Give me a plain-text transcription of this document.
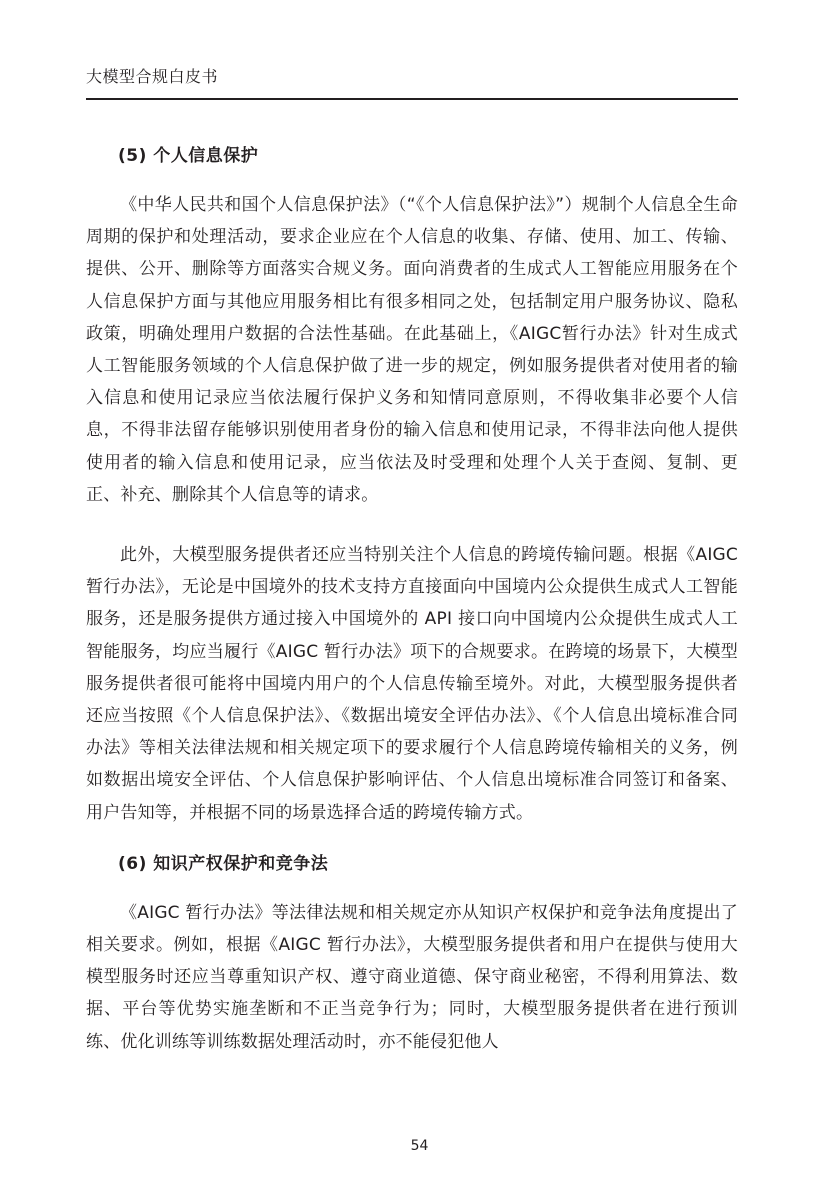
大模型合规白皮书
(5) 个人信息保护

《中华人民共和国个人信息保护法》（“《个人信息保护法》”）规制个人信息全生命周期的保护和处理活动，要求企业应在个人信息的收集、存储、使用、加工、传输、提供、公开、删除等方面落实合规义务。面向消费者的生成式人工智能应用服务在个人信息保护方面与其他应用服务相比有很多相同之处，包括制定用户服务协议、隐私政策，明确处理用户数据的合法性基础。在此基础上，《AIGC暂行办法》针对生成式人工智能服务领域的个人信息保护做了进一步的规定，例如服务提供者对使用者的输入信息和使用记录应当依法履行保护义务和知情同意原则，不得收集非必要个人信息，不得非法留存能够识别使用者身份的输入信息和使用记录，不得非法向他人提供使用者的输入信息和使用记录，应当依法及时受理和处理个人关于查阅、复制、更正、补充、删除其个人信息等的请求。

此外，大模型服务提供者还应当特别关注个人信息的跨境传输问题。根据《AIGC 暂行办法》，无论是中国境外的技术支持方直接面向中国境内公众提供生成式人工智能服务，还是服务提供方通过接入中国境外的 API 接口向中国境内公众提供生成式人工智能服务，均应当履行《AIGC 暂行办法》项下的合规要求。在跨境的场景下，大模型服务提供者很可能将中国境内用户的个人信息传输至境外。对此，大模型服务提供者还应当按照《个人信息保护法》、《数据出境安全评估办法》、《个人信息出境标准合同办法》等相关法律法规和相关规定项下的要求履行个人信息跨境传输相关的义务，例如数据出境安全评估、个人信息保护影响评估、个人信息出境标准合同签订和备案、用户告知等，并根据不同的场景选择合适的跨境传输方式。

(6) 知识产权保护和竞争法

《AIGC 暂行办法》等法律法规和相关规定亦从知识产权保护和竞争法角度提出了相关要求。例如，根据《AIGC 暂行办法》，大模型服务提供者和用户在提供与使用大模型服务时还应当尊重知识产权、遵守商业道德、保守商业秘密，不得利用算法、数据、平台等优势实施垄断和不正当竞争行为；同时，大模型服务提供者在进行预训练、优化训练等训练数据处理活动时，亦不能侵犯他人

54
